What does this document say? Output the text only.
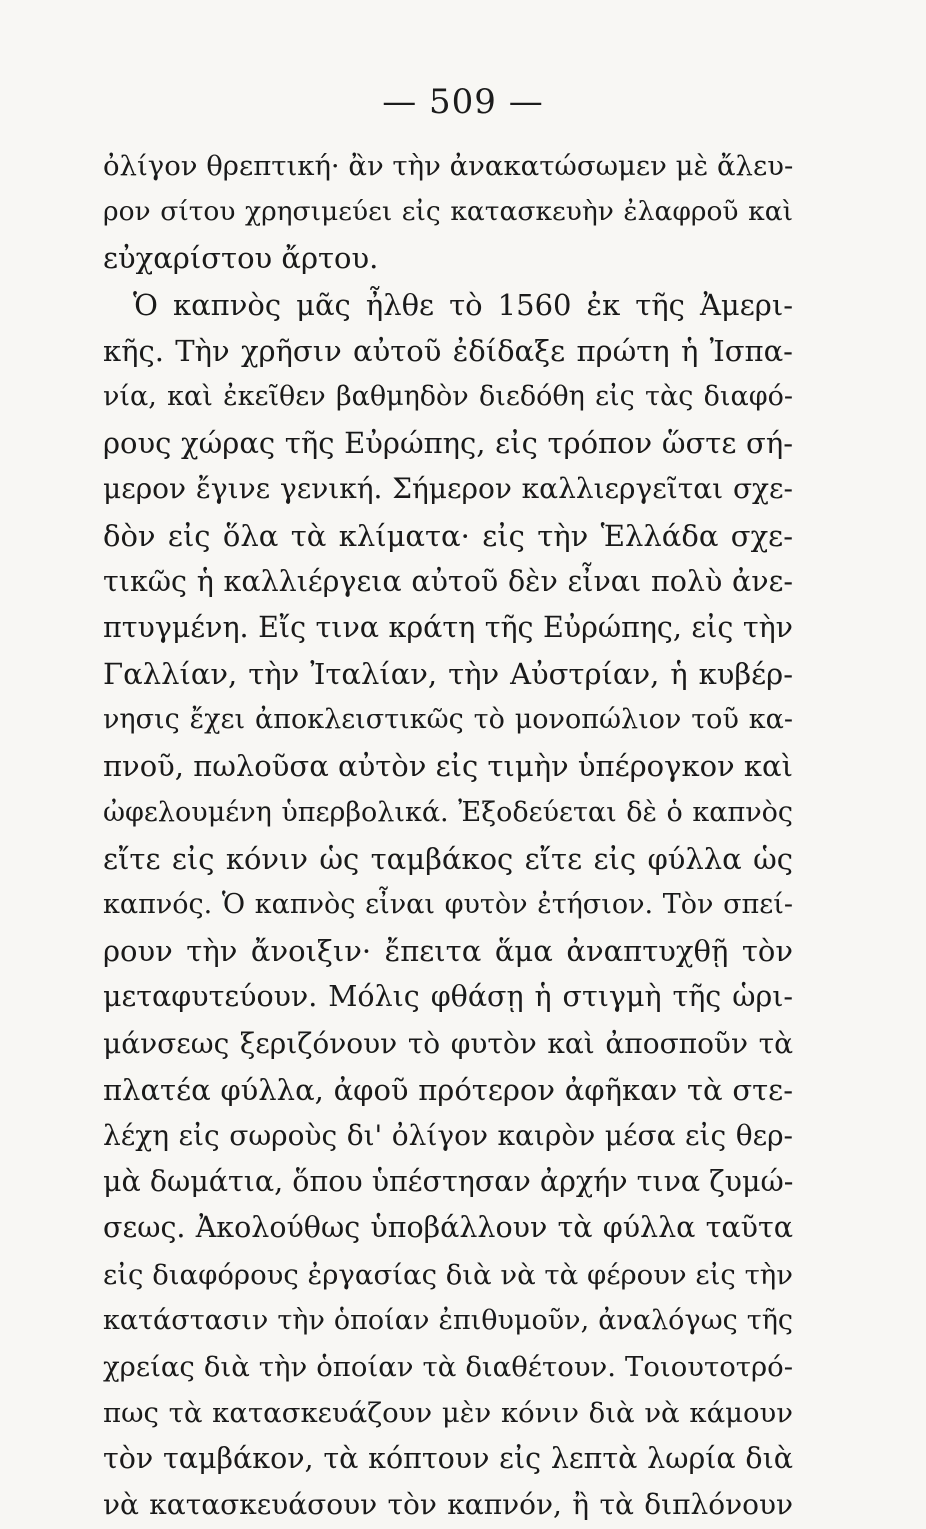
— 509 —
ὀλίγον θρεπτική· ἂν τὴν ἀνακατώσωμεν μὲ ἄλευ-
ρον σίτου χρησιμεύει εἰς κατασκευὴν ἐλαφροῦ καὶ
εὐχαρίστου ἄρτου.
Ὁ καπνὸς μᾶς ἦλθε τὸ 1560 ἐκ τῆς Ἀμερι-
κῆς. Τὴν χρῆσιν αὐτοῦ ἐδίδαξε πρώτη ἡ Ἰσπα-
νία, καὶ ἐκεῖθεν βαθμηδὸν διεδόθη εἰς τὰς διαφό-
ρους χώρας τῆς Εὐρώπης, εἰς τρόπον ὥστε σή-
μερον ἔγινε γενική. Σήμερον καλλιεργεῖται σχε-
δὸν εἰς ὅλα τὰ κλίματα· εἰς τὴν Ἑλλάδα σχε-
τικῶς ἡ καλλιέργεια αὐτοῦ δὲν εἶναι πολὺ ἀνε-
πτυγμένη. Εἴς τινα κράτη τῆς Εὐρώπης, εἰς τὴν
Γαλλίαν, τὴν Ἰταλίαν, τὴν Αὐστρίαν, ἡ κυβέρ-
νησις ἔχει ἀποκλειστικῶς τὸ μονοπώλιον τοῦ κα-
πνοῦ, πωλοῦσα αὐτὸν εἰς τιμὴν ὑπέρογκον καὶ
ὠφελουμένη ὑπερβολικά. Ἐξοδεύεται δὲ ὁ καπνὸς
εἴτε εἰς κόνιν ὡς ταμβάκος εἴτε εἰς φύλλα ὡς
καπνός. Ὁ καπνὸς εἶναι φυτὸν ἐτήσιον. Τὸν σπεί-
ρουν τὴν ἄνοιξιν· ἔπειτα ἅμα ἀναπτυχθῇ τὸν
μεταφυτεύουν. Μόλις φθάσῃ ἡ στιγμὴ τῆς ὡρι-
μάνσεως ξεριζόνουν τὸ φυτὸν καὶ ἀποσποῦν τὰ
πλατέα φύλλα, ἀφοῦ πρότερον ἀφῆκαν τὰ στε-
λέχη εἰς σωροὺς δι' ὀλίγον καιρὸν μέσα εἰς θερ-
μὰ δωμάτια, ὅπου ὑπέστησαν ἀρχήν τινα ζυμώ-
σεως. Ἀκολούθως ὑποβάλλουν τὰ φύλλα ταῦτα
εἰς διαφόρους ἐργασίας διὰ νὰ τὰ φέρουν εἰς τὴν
κατάστασιν τὴν ὁποίαν ἐπιθυμοῦν, ἀναλόγως τῆς
χρείας διὰ τὴν ὁποίαν τὰ διαθέτουν. Τοιουτοτρό-
πως τὰ κατασκευάζουν μὲν κόνιν διὰ νὰ κάμουν
τὸν ταμβάκον, τὰ κόπτουν εἰς λεπτὰ λωρία διὰ
νὰ κατασκευάσουν τὸν καπνόν, ἢ τὰ διπλόνουν
